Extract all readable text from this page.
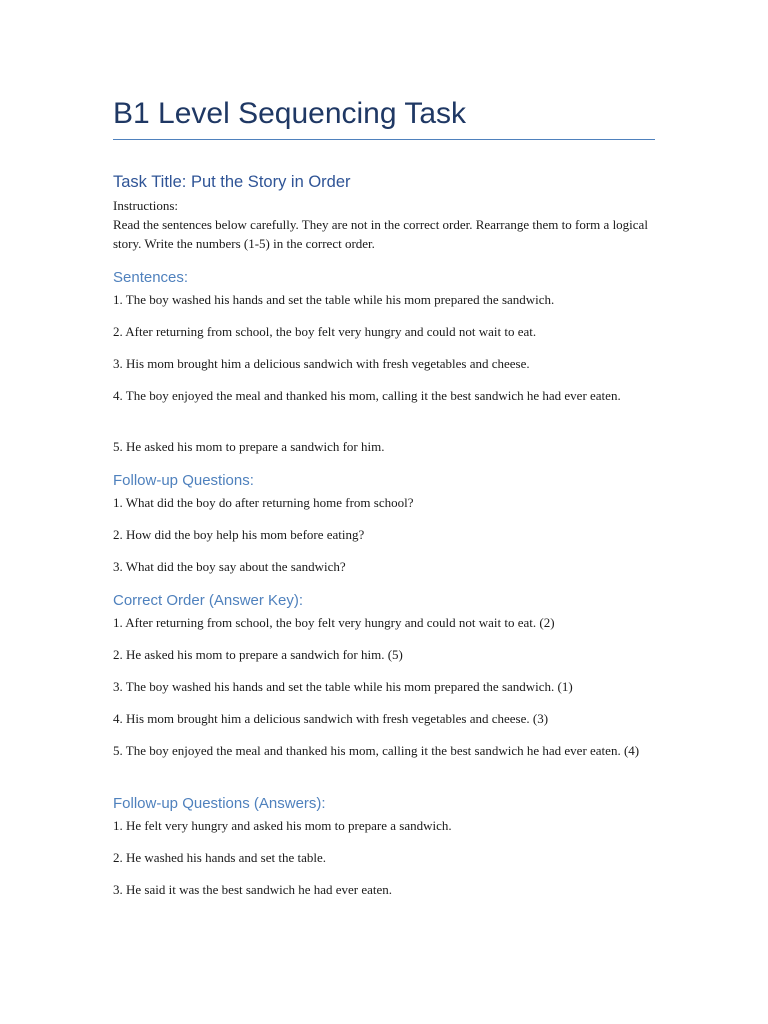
B1 Level Sequencing Task
Task Title: Put the Story in Order

Instructions:

Read the sentences below carefully. They are not in the correct order. Rearrange them to form a logical story. Write the numbers (1-5) in the correct order.

Sentences:

1. The boy washed his hands and set the table while his mom prepared the sandwich.

2. After returning from school, the boy felt very hungry and could not wait to eat.

3. His mom brought him a delicious sandwich with fresh vegetables and cheese.

4. The boy enjoyed the meal and thanked his mom, calling it the best sandwich he had ever eaten.

5. He asked his mom to prepare a sandwich for him.

Follow-up Questions:

1. What did the boy do after returning home from school?

2. How did the boy help his mom before eating?

3. What did the boy say about the sandwich?

Correct Order (Answer Key):

1. After returning from school, the boy felt very hungry and could not wait to eat. (2)

2. He asked his mom to prepare a sandwich for him. (5)

3. The boy washed his hands and set the table while his mom prepared the sandwich. (1)

4. His mom brought him a delicious sandwich with fresh vegetables and cheese. (3)

5. The boy enjoyed the meal and thanked his mom, calling it the best sandwich he had ever eaten. (4)

Follow-up Questions (Answers):

1. He felt very hungry and asked his mom to prepare a sandwich.

2. He washed his hands and set the table.

3. He said it was the best sandwich he had ever eaten.
